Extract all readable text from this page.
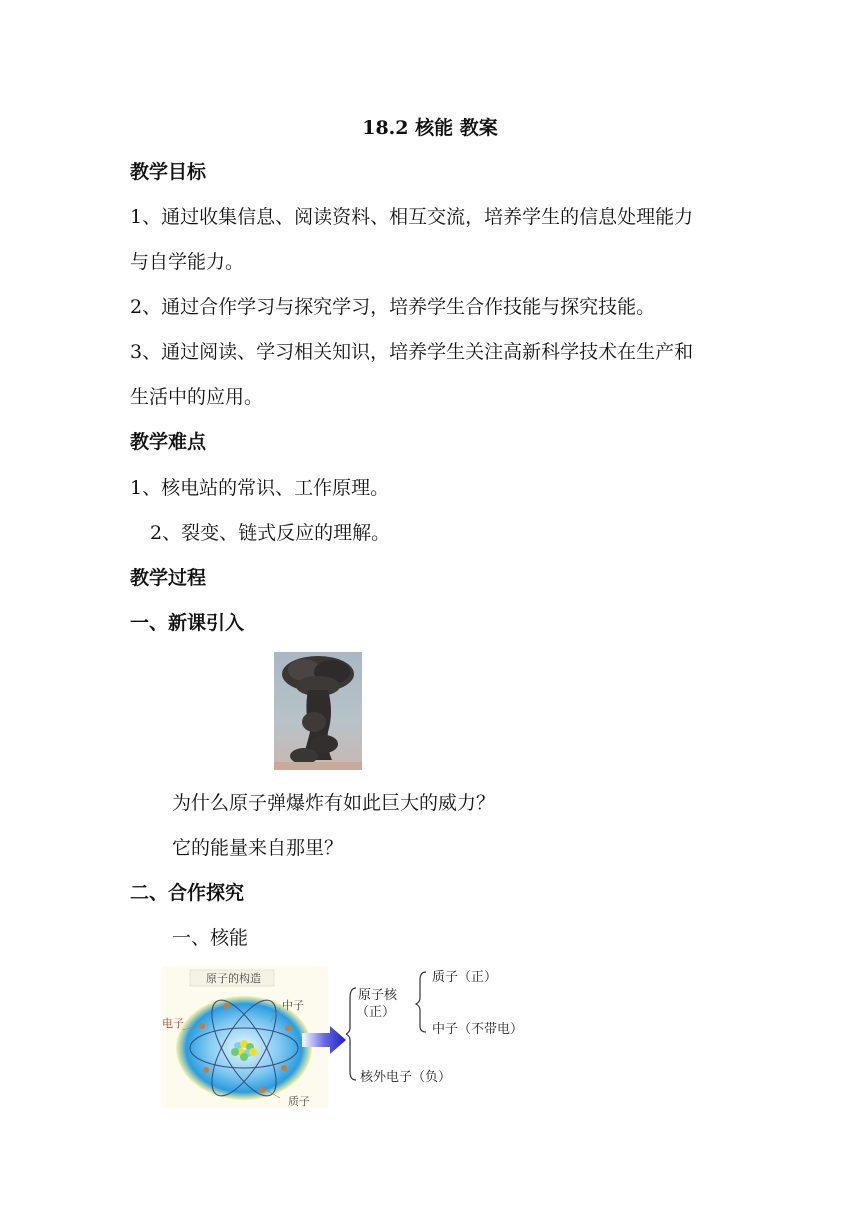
18.2 核能 教案
教学目标
1、通过收集信息、阅读资料、相互交流，培养学生的信息处理能力
与自学能力。
2、通过合作学习与探究学习，培养学生合作技能与探究技能。
3、通过阅读、学习相关知识，培养学生关注高新科学技术在生产和
生活中的应用。
教学难点
1、核电站的常识、工作原理。
2、裂变、链式反应的理解。
教学过程
一、新课引入
为什么原子弹爆炸有如此巨大的威力？
它的能量来自那里？
二、合作探究
一、核能
原子的构造
中子
电子
质子
原子核
（正）
质子（正）
中子（不带电）
核外电子（负）
